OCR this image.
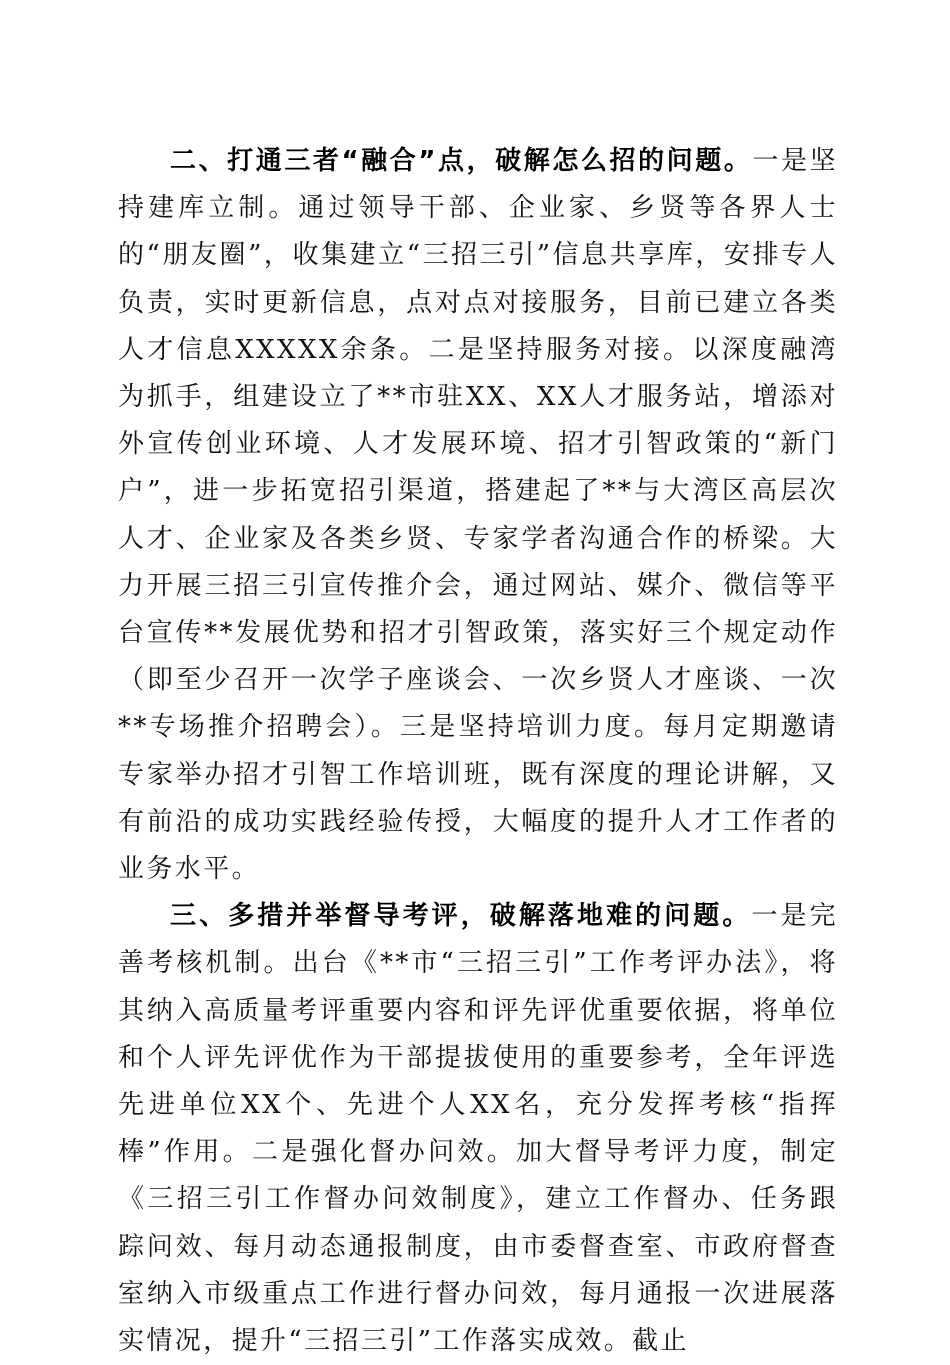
二、打通三者“融合”点，破解怎么招的问题。一是坚持建库立制。通过领导干部、企业家、乡贤等各界人士的“朋友圈”，收集建立“三招三引”信息共享库，安排专人负责，实时更新信息，点对点对接服务，目前已建立各类人才信息XXXXX余条。二是坚持服务对接。以深度融湾为抓手，组建设立了**市驻XX、XX人才服务站，增添对外宣传创业环境、人才发展环境、招才引智政策的“新门户”，进一步拓宽招引渠道，搭建起了**与大湾区高层次人才、企业家及各类乡贤、专家学者沟通合作的桥梁。大力开展三招三引宣传推介会，通过网站、媒介、微信等平台宣传**发展优势和招才引智政策，落实好三个规定动作（即至少召开一次学子座谈会、一次乡贤人才座谈、一次**专场推介招聘会）。三是坚持培训力度。每月定期邀请专家举办招才引智工作培训班，既有深度的理论讲解，又有前沿的成功实践经验传授，大幅度的提升人才工作者的业务水平。

三、多措并举督导考评，破解落地难的问题。一是完善考核机制。出台《**市“三招三引”工作考评办法》，将其纳入高质量考评重要内容和评先评优重要依据，将单位和个人评先评优作为干部提拔使用的重要参考，全年评选先进单位XX个、先进个人XX名，充分发挥考核“指挥棒”作用。二是强化督办问效。加大督导考评力度，制定《三招三引工作督办问效制度》，建立工作督办、任务跟踪问效、每月动态通报制度，由市委督查室、市政府督查室纳入市级重点工作进行督办问效，每月通报一次进展落实情况，提升“三招三引”工作落实成效。截止
